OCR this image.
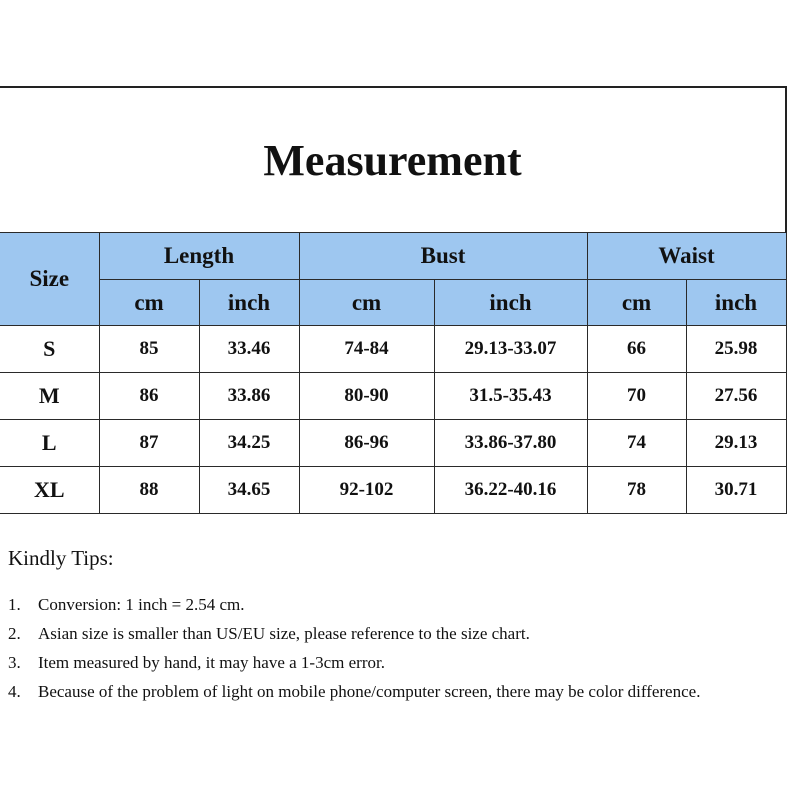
Measurement						
Size	Length		Bust		Waist	
	cm	inch	cm	inch	cm	inch
S	85	33.46	74-84	29.13-33.07	66	25.98
M	86	33.86	80-90	31.5-35.43	70	27.56
L	87	34.25	86-96	33.86-37.80	74	29.13
XL	88	34.65	92-102	36.22-40.16	78	30.71

Kindly Tips:

1.	Conversion: 1 inch = 2.54 cm.
2.	Asian size is smaller than US/EU size, please reference to the size chart.
3.	Item measured by hand, it may have a 1-3cm error.
4.	Because of the problem of light on mobile phone/computer screen, there may be color difference.
